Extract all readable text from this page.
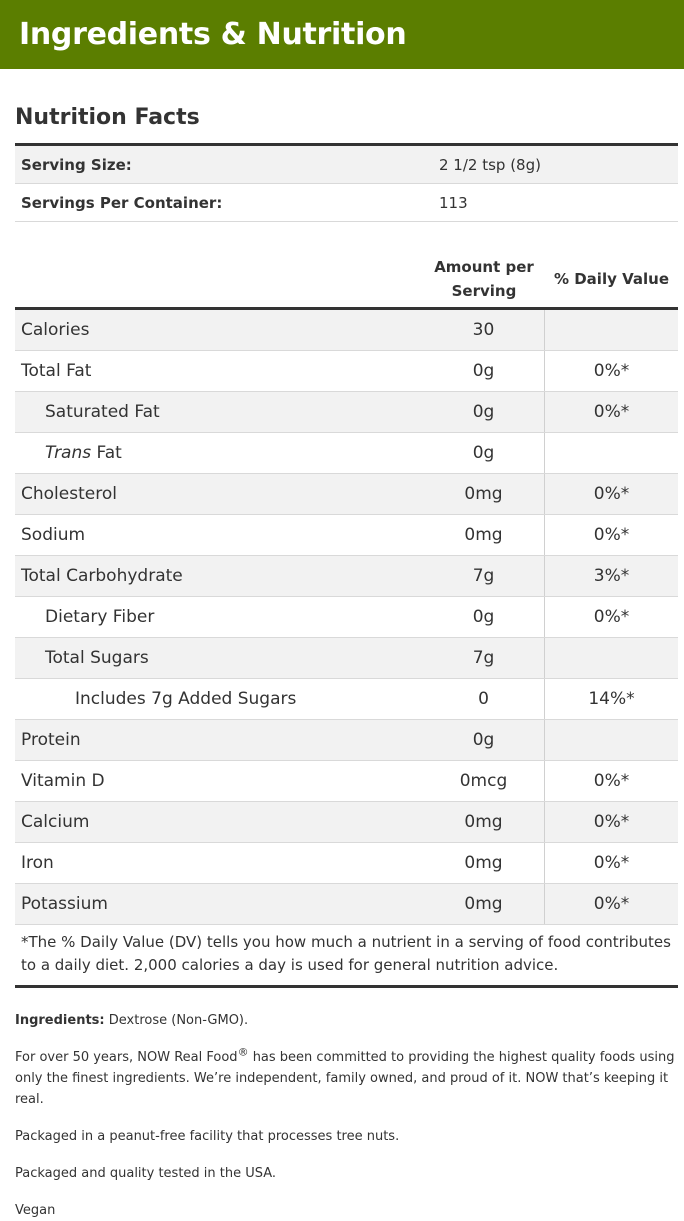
Ingredients & Nutrition
Nutrition Facts
Serving Size:	2 1/2 tsp (8g)
Servings Per Container:	113
Amount per
Serving
% Daily Value
Calories	30
Total Fat	0g	0%*
Saturated Fat	0g	0%*
Trans Fat	0g
Cholesterol	0mg	0%*
Sodium	0mg	0%*
Total Carbohydrate	7g	3%*
Dietary Fiber	0g	0%*
Total Sugars	7g
Includes 7g Added Sugars	0	14%*
Protein	0g
Vitamin D	0mcg	0%*
Calcium	0mg	0%*
Iron	0mg	0%*
Potassium	0mg	0%*
*The % Daily Value (DV) tells you how much a nutrient in a serving of food contributes to a daily diet. 2,000 calories a day is used for general nutrition advice.

Ingredients: Dextrose (Non-GMO).

For over 50 years, NOW Real Food® has been committed to providing the highest quality foods using only the finest ingredients. We’re independent, family owned, and proud of it. NOW that’s keeping it real.

Packaged in a peanut-free facility that processes tree nuts.

Packaged and quality tested in the USA.

Vegan
